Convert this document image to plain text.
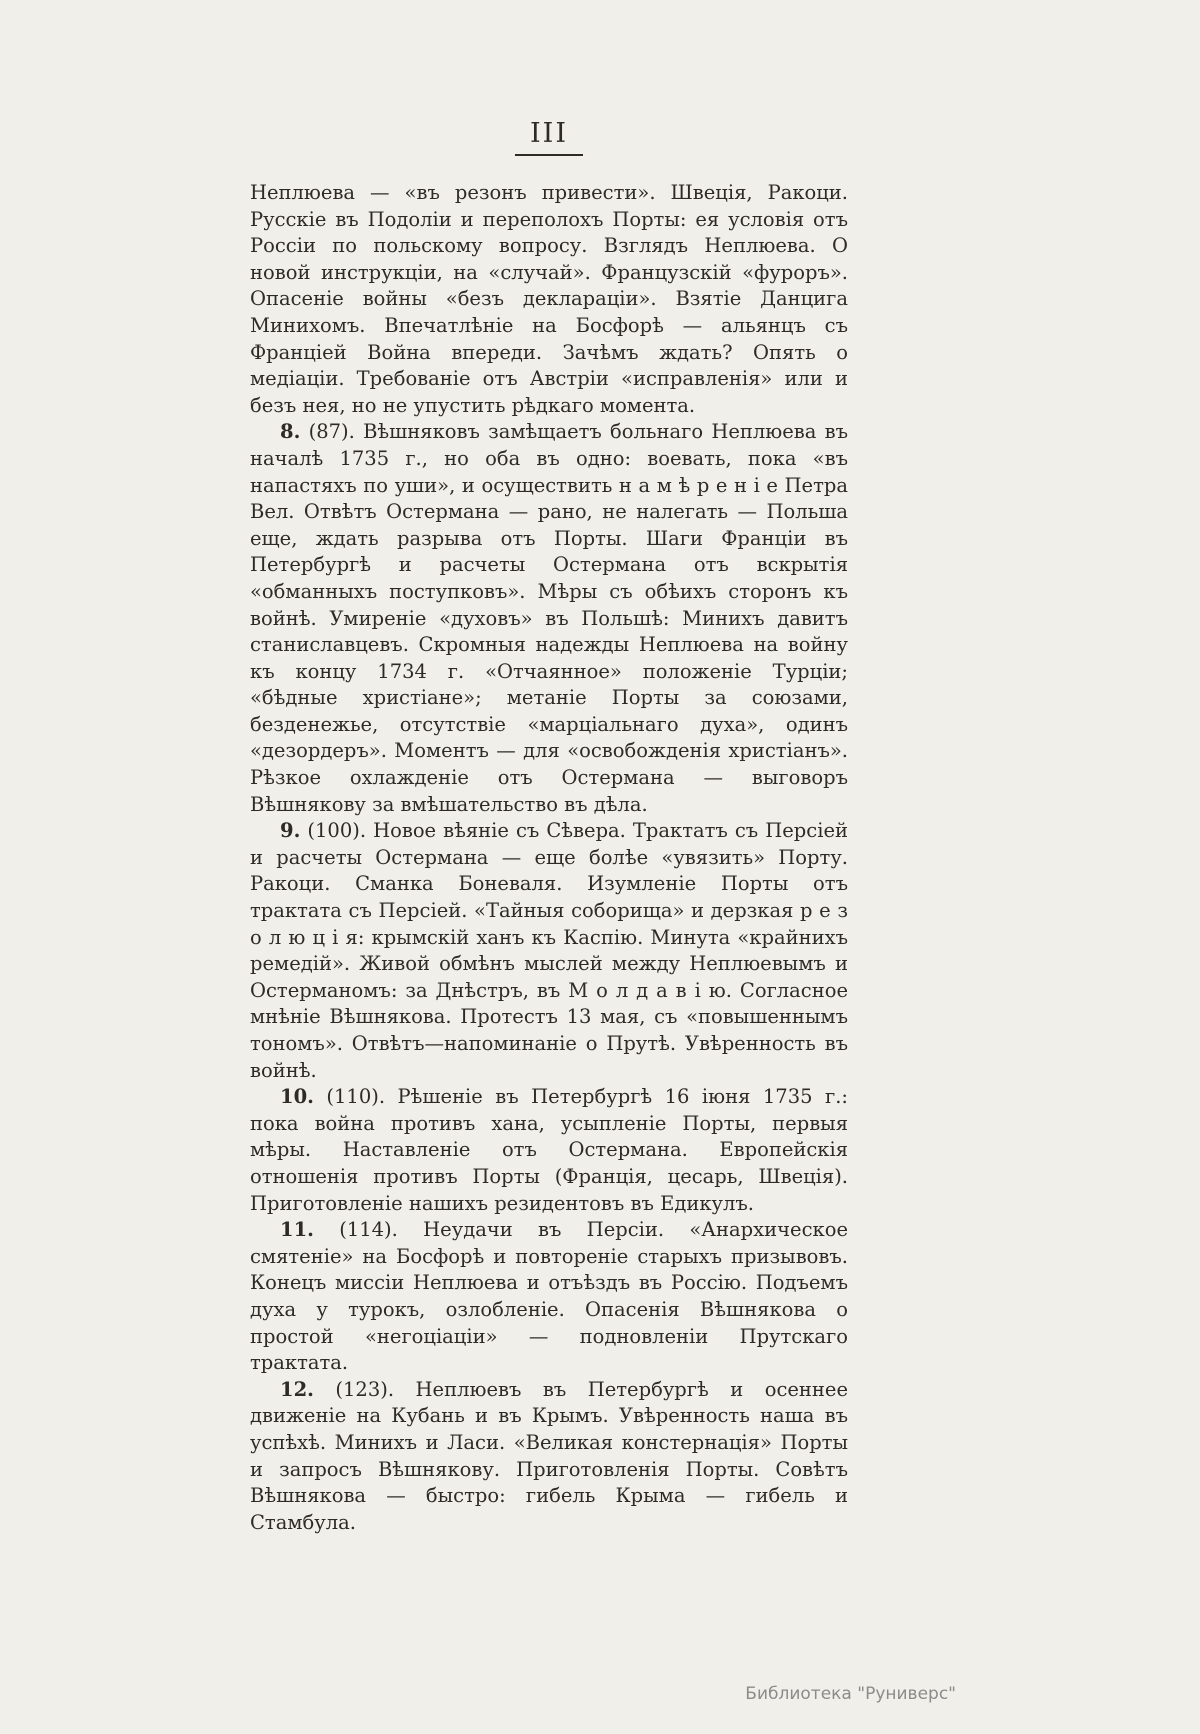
III

Неплюева — «въ резонъ привести». Швеція, Ракоци. Русскіе въ Подоліи и переполохъ Порты: ея условія отъ Россіи по польскому вопросу. Взглядъ Неплюева. О новой инструкціи, на «случай». Французскій «фуроръ». Опасеніе войны «безъ деклараціи». Взятіе Данцига Минихомъ. Впечатлѣніе на Босфорѣ — альянцъ съ Франціей Война впереди. Зачѣмъ ждать? Опять о медіаціи. Требованіе отъ Австріи «исправленія» или и безъ нея, но не упустить рѣдкаго момента.

8. (87). Вѣшняковъ замѣщаетъ больнаго Неплюева въ началѣ 1735 г., но оба въ одно: воевать, пока «въ напастяхъ по уши», и осуществить н а м ѣ р е н і е Петра Вел. Отвѣтъ Остермана — рано, не налегать — Польша еще, ждать разрыва отъ Порты. Шаги Франціи въ Петербургѣ и расчеты Остермана отъ вскрытія «обманныхъ поступковъ». Мѣры съ обѣихъ сторонъ къ войнѣ. Умиреніе «духовъ» въ Польшѣ: Минихъ давитъ станиславцевъ. Скромныя надежды Неплюева на войну къ концу 1734 г. «Отчаянное» положеніе Турціи; «бѣдные христіане»; метаніе Порты за союзами, безденежье, отсутствіе «марціальнаго духа», одинъ «дезордеръ». Моментъ — для «освобожденія христіанъ». Рѣзкое охлажденіе отъ Остермана — выговоръ Вѣшнякову за вмѣшательство въ дѣла.

9. (100). Новое вѣяніе съ Сѣвера. Трактатъ съ Персіей и расчеты Остермана — еще болѣе «увязить» Порту. Ракоци. Сманка Боневаля. Изумленіе Порты отъ трактата съ Персіей. «Тайныя соборища» и дерзкая р е з о л ю ц і я: крымскій ханъ къ Каспію. Минута «крайнихъ ремедій». Живой обмѣнъ мыслей между Неплюевымъ и Остерманомъ: за Днѣстръ, въ М о л д а в і ю. Согласное мнѣніе Вѣшнякова. Протестъ 13 мая, съ «повышеннымъ тономъ». Отвѣтъ—напоминаніе о Прутѣ. Увѣренность въ войнѣ.

10. (110). Рѣшеніе въ Петербургѣ 16 іюня 1735 г.: пока война противъ хана, усыпленіе Порты, первыя мѣры. Наставленіе отъ Остермана. Европейскія отношенія противъ Порты (Франція, цесарь, Швеція). Приготовленіе нашихъ резидентовъ въ Едикулъ.

11. (114). Неудачи въ Персіи. «Анархическое смятеніе» на Босфорѣ и повтореніе старыхъ призывовъ. Конецъ миссіи Неплюева и отъѣздъ въ Россію. Подъемъ духа у турокъ, озлобленіе. Опасенія Вѣшнякова о простой «негоціаціи» — подновленіи Прутскаго трактата.

12. (123). Неплюевъ въ Петербургѣ и осеннее движеніе на Кубань и въ Крымъ. Увѣренность наша въ успѣхѣ. Минихъ и Ласи. «Великая констернація» Порты и запросъ Вѣшнякову. Приготовленія Порты. Совѣтъ Вѣшнякова — быстро: гибель Крыма — гибель и Стамбула.

Библиотека "Руниверс"
